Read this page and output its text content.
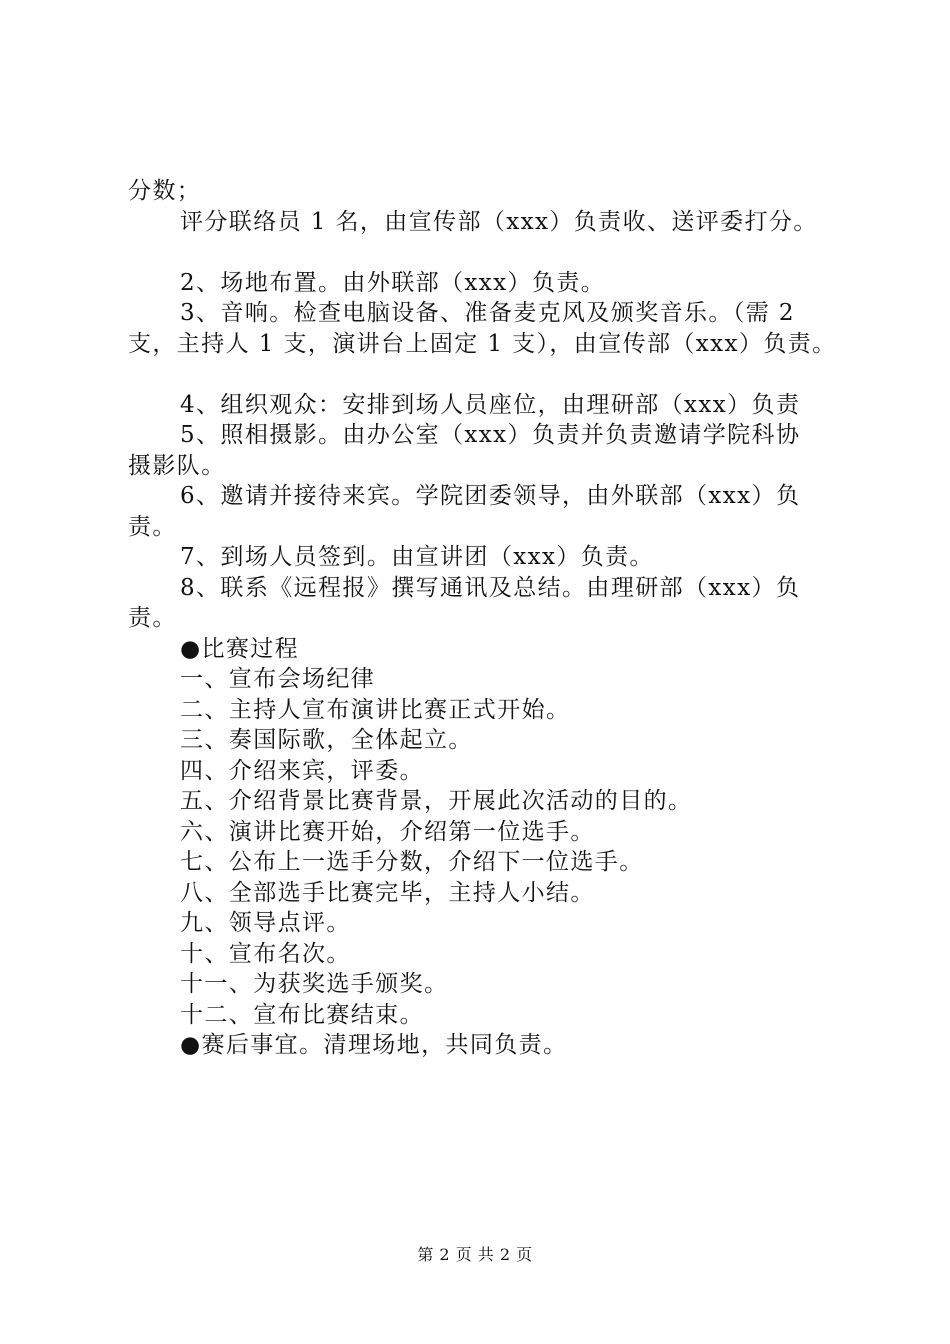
分数；
评分联络员 1 名，由宣传部（xxx）负责收、送评委打分。
2、场地布置。由外联部（xxx）负责。
3、音响。检查电脑设备、准备麦克风及颁奖音乐。（需 2
支，主持人 1 支，演讲台上固定 1 支），由宣传部（xxx）负责。
4、组织观众：安排到场人员座位，由理研部（xxx）负责
5、照相摄影。由办公室（xxx）负责并负责邀请学院科协
摄影队。
6、邀请并接待来宾。学院团委领导，由外联部（xxx）负
责。
7、到场人员签到。由宣讲团（xxx）负责。
8、联系《远程报》撰写通讯及总结。由理研部（xxx）负
责。
●比赛过程
一、宣布会场纪律
二、主持人宣布演讲比赛正式开始。
三、奏国际歌，全体起立。
四、介绍来宾，评委。
五、介绍背景比赛背景，开展此次活动的目的。
六、演讲比赛开始，介绍第一位选手。
七、公布上一选手分数，介绍下一位选手。
八、全部选手比赛完毕，主持人小结。
九、领导点评。
十、宣布名次。
十一、为获奖选手颁奖。
十二、宣布比赛结束。
●赛后事宜。清理场地，共同负责。
第 2 页 共 2 页
